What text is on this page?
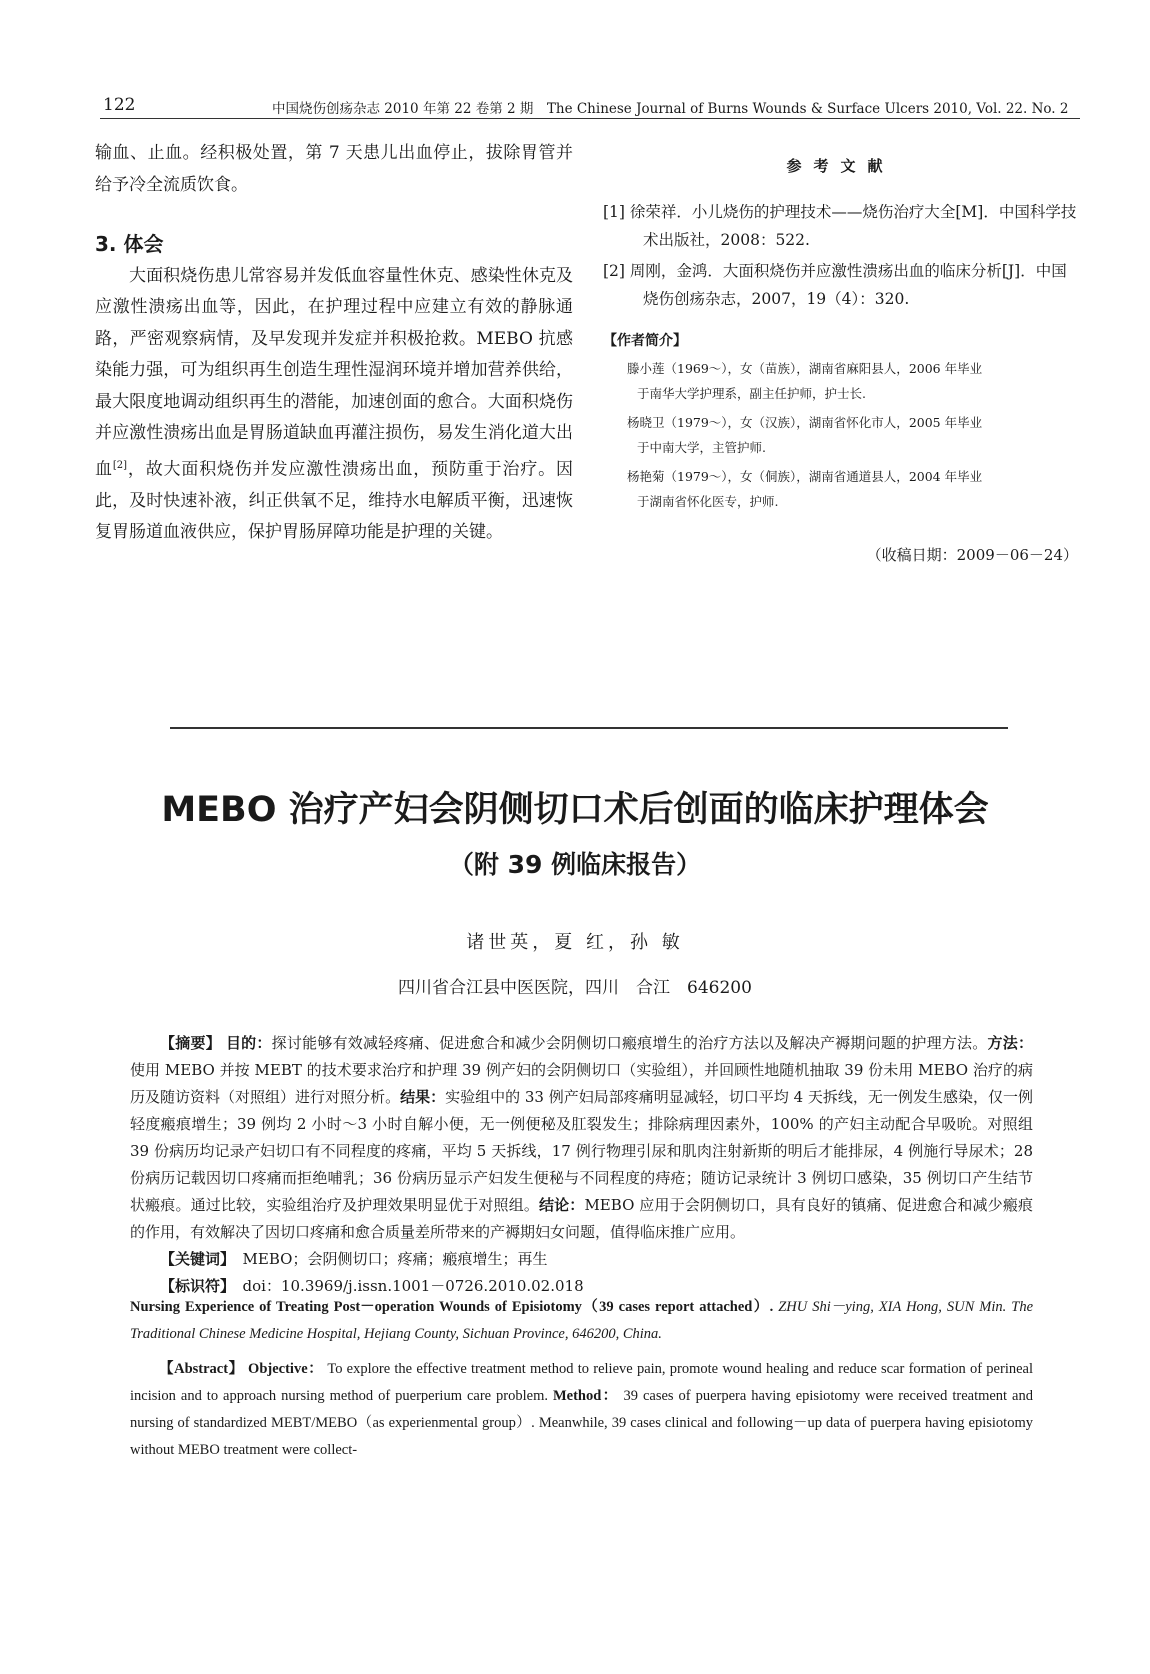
122	中国烧伤创疡杂志 2010 年第 22 卷第 2 期　The Chinese Journal of Burns Wounds & Surface Ulcers 2010, Vol. 22. No. 2

输血、止血。经积极处置，第 7 天患儿出血停止，拔除胃管并给予冷全流质饮食。

3. 体会

大面积烧伤患儿常容易并发低血容量性休克、感染性休克及应激性溃疡出血等，因此，在护理过程中应建立有效的静脉通路，严密观察病情，及早发现并发症并积极抢救。MEBO 抗感染能力强，可为组织再生创造生理性湿润环境并增加营养供给，最大限度地调动组织再生的潜能，加速创面的愈合。大面积烧伤并应激性溃疡出血是胃肠道缺血再灌注损伤，易发生消化道大出血[2]，故大面积烧伤并发应激性溃疡出血，预防重于治疗。因此，及时快速补液，纠正供氧不足，维持水电解质平衡，迅速恢复胃肠道血液供应，保护胃肠屏障功能是护理的关键。

参考文献

[1] 徐荣祥．小儿烧伤的护理技术——烧伤治疗大全[M]．中国科学技术出版社，2008：522.

[2] 周刚，金鸿．大面积烧伤并应激性溃疡出血的临床分析[J]．中国烧伤创疡杂志，2007，19（4）：320.

【作者简介】

滕小莲（1969～），女（苗族），湖南省麻阳县人，2006 年毕业
于南华大学护理系，副主任护师，护士长.

杨晓卫（1979～），女（汉族），湖南省怀化市人，2005 年毕业
于中南大学，主管护师.

杨艳菊（1979～），女（侗族），湖南省通道县人，2004 年毕业
于湖南省怀化医专，护师.

（收稿日期：2009－06－24）
MEBO 治疗产妇会阴侧切口术后创面的临床护理体会
（附 39 例临床报告）
诸世英，夏 红，孙 敏
四川省合江县中医医院，四川　合江　646200

【摘要】 目的：探讨能够有效减轻疼痛、促进愈合和减少会阴侧切口瘢痕增生的治疗方法以及解决产褥期问题的护理方法。方法：使用 MEBO 并按 MEBT 的技术要求治疗和护理 39 例产妇的会阴侧切口（实验组），并回顾性地随机抽取 39 份未用 MEBO 治疗的病历及随访资料（对照组）进行对照分析。结果：实验组中的 33 例产妇局部疼痛明显减轻，切口平均 4 天拆线，无一例发生感染，仅一例轻度瘢痕增生；39 例均 2 小时～3 小时自解小便，无一例便秘及肛裂发生；排除病理因素外，100% 的产妇主动配合早吸吮。对照组 39 份病历均记录产妇切口有不同程度的疼痛，平均 5 天拆线，17 例行物理引尿和肌肉注射新斯的明后才能排尿，4 例施行导尿术；28 份病历记载因切口疼痛而拒绝哺乳；36 份病历显示产妇发生便秘与不同程度的痔疮；随访记录统计 3 例切口感染，35 例切口产生结节状瘢痕。通过比较，实验组治疗及护理效果明显优于对照组。结论：MEBO 应用于会阴侧切口，具有良好的镇痛、促进愈合和减少瘢痕的作用，有效解决了因切口疼痛和愈合质量差所带来的产褥期妇女问题，值得临床推广应用。

【关键词】　 MEBO；会阴侧切口；疼痛；瘢痕增生；再生

【标识符】　 doi：10.3969/j.issn.1001－0726.2010.02.018

Nursing Experience of Treating Post－operation Wounds of Episiotomy（39 cases report attached）. ZHU Shi－ying, XIA Hong, SUN Min. The Traditional Chinese Medicine Hospital, Hejiang County, Sichuan Province, 646200, China.

【Abstract】 Objective： To explore the effective treatment method to relieve pain, promote wound healing and reduce scar formation of perineal incision and to approach nursing method of puerperium care problem. Method： 39 cases of puerpera having episiotomy were received treatment and nursing of standardized MEBT/MEBO（as experienmental group）. Meanwhile, 39 cases clinical and following－up data of puerpera having episiotomy without MEBO treatment were collect-
